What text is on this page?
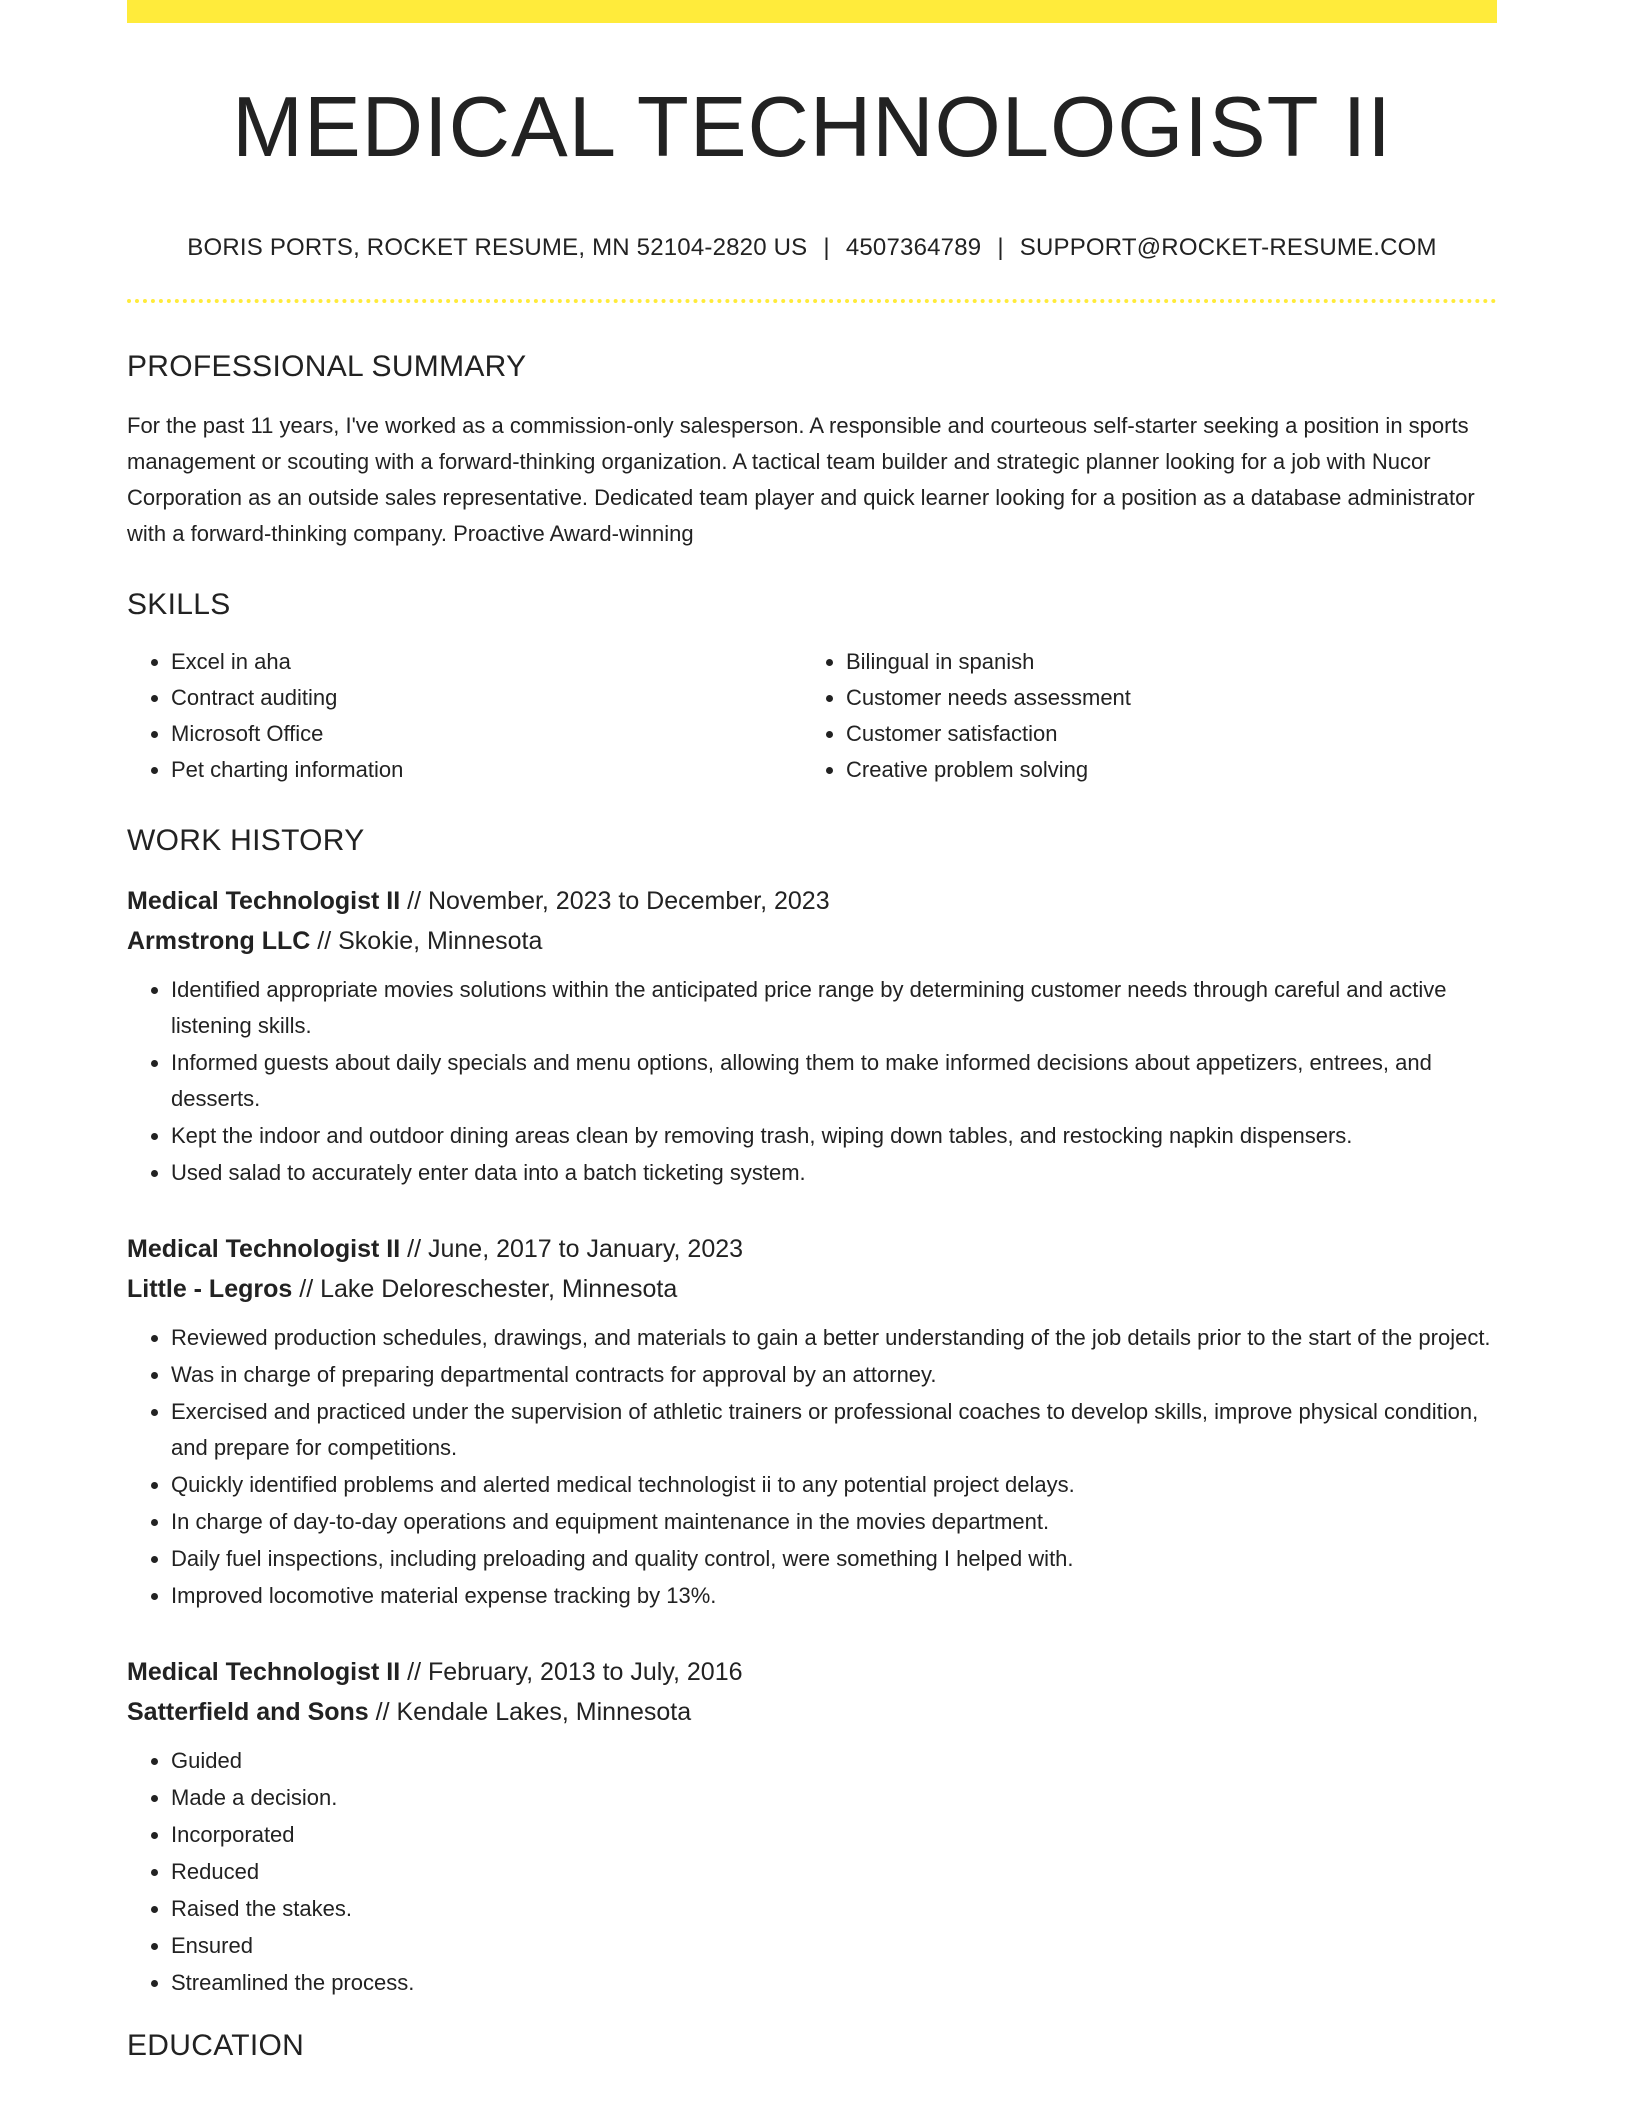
MEDICAL TECHNOLOGIST II
BORIS PORTS, ROCKET RESUME, MN 52104-2820 US | 4507364789 | SUPPORT@ROCKET-RESUME.COM
PROFESSIONAL SUMMARY

For the past 11 years, I've worked as a commission-only salesperson. A responsible and courteous self-starter seeking a position in sports management or scouting with a forward-thinking organization. A tactical team builder and strategic planner looking for a job with Nucor Corporation as an outside sales representative. Dedicated team player and quick learner looking for a position as a database administrator with a forward-thinking company. Proactive Award-winning

SKILLS
• Excel in aha
• Contract auditing
• Microsoft Office
• Pet charting information
• Bilingual in spanish
• Customer needs assessment
• Customer satisfaction
• Creative problem solving
WORK HISTORY
Medical Technologist II // November, 2023 to December, 2023
Armstrong LLC // Skokie, Minnesota
• Identified appropriate movies solutions within the anticipated price range by determining customer needs through careful and active listening skills.
• Informed guests about daily specials and menu options, allowing them to make informed decisions about appetizers, entrees, and desserts.
• Kept the indoor and outdoor dining areas clean by removing trash, wiping down tables, and restocking napkin dispensers.
• Used salad to accurately enter data into a batch ticketing system.
Medical Technologist II // June, 2017 to January, 2023
Little - Legros // Lake Deloreschester, Minnesota
• Reviewed production schedules, drawings, and materials to gain a better understanding of the job details prior to the start of the project.
• Was in charge of preparing departmental contracts for approval by an attorney.
• Exercised and practiced under the supervision of athletic trainers or professional coaches to develop skills, improve physical condition, and prepare for competitions.
• Quickly identified problems and alerted medical technologist ii to any potential project delays.
• In charge of day-to-day operations and equipment maintenance in the movies department.
• Daily fuel inspections, including preloading and quality control, were something I helped with.
• Improved locomotive material expense tracking by 13%.
Medical Technologist II // February, 2013 to July, 2016
Satterfield and Sons // Kendale Lakes, Minnesota
• Guided
• Made a decision.
• Incorporated
• Reduced
• Raised the stakes.
• Ensured
• Streamlined the process.
EDUCATION
